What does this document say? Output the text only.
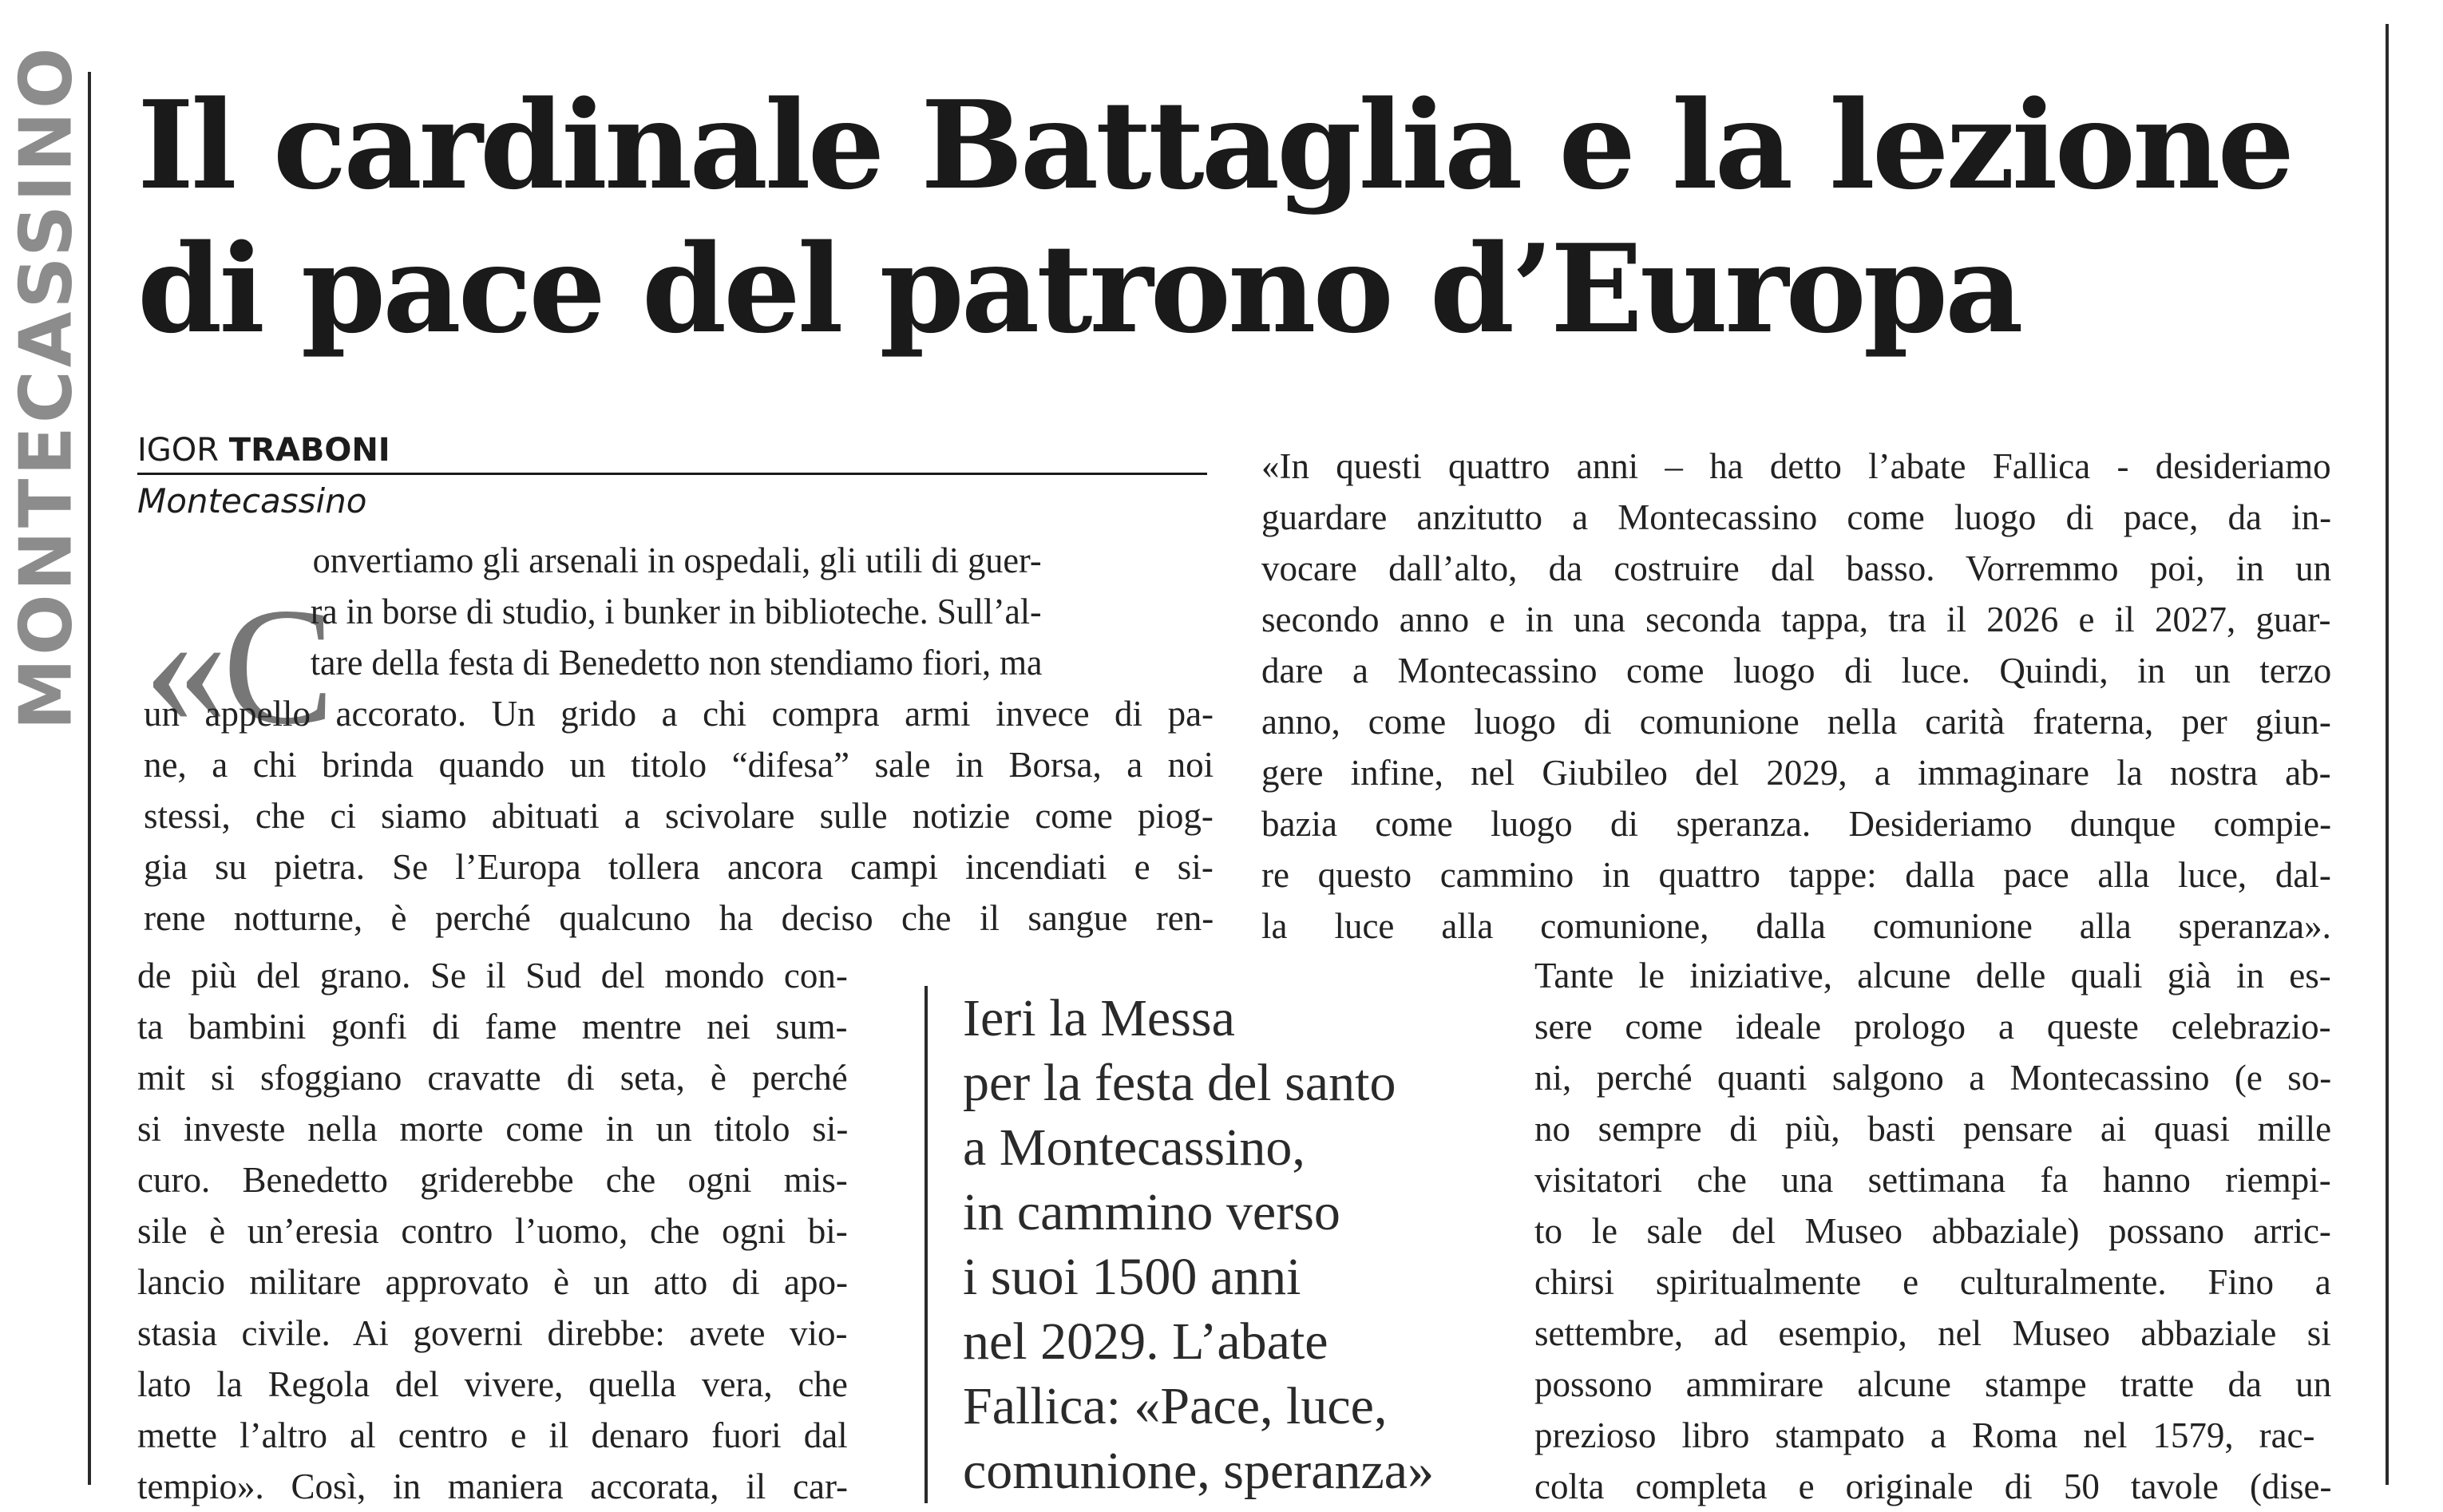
MONTECASSINO Il cardinale Battaglia e la lezione
di pace del patrono d’Europa
IGOR TRABONI
Montecassino
«C
onvertiamo gli arsenali in ospedali, gli utili di guer-
ra in borse di studio, i bunker in biblioteche. Sull’al-
tare della festa di Benedetto non stendiamo fiori, ma
un appello accorato. Un grido a chi compra armi invece di pa-
ne, a chi brinda quando un titolo “difesa” sale in Borsa, a noi
stessi, che ci siamo abituati a scivolare sulle notizie come piog-
gia su pietra. Se l’Europa tollera ancora campi incendiati e si-
rene notturne, è perché qualcuno ha deciso che il sangue ren-
de più del grano. Se il Sud del mondo con-
ta bambini gonfi di fame mentre nei sum-
mit si sfoggiano cravatte di seta, è perché
si investe nella morte come in un titolo si-
curo. Benedetto griderebbe che ogni mis-
sile è un’eresia contro l’uomo, che ogni bi-
lancio militare approvato è un atto di apo-
stasia civile. Ai governi direbbe: avete vio-
lato la Regola del vivere, quella vera, che
mette l’altro al centro e il denaro fuori dal
tempio». Così, in maniera accorata, il car-
Ieri la Messa
per la festa del santo
a Montecassino,
in cammino verso
i suoi 1500 anni
nel 2029. L’abate
Fallica: «Pace, luce,
comunione, speranza»
«In questi quattro anni – ha detto l’abate Fallica - desideriamo
guardare anzitutto a Montecassino come luogo di pace, da in-
vocare dall’alto, da costruire dal basso. Vorremmo poi, in un
secondo anno e in una seconda tappa, tra il 2026 e il 2027, guar-
dare a Montecassino come luogo di luce. Quindi, in un terzo
anno, come luogo di comunione nella carità fraterna, per giun-
gere infine, nel Giubileo del 2029, a immaginare la nostra ab-
bazia come luogo di speranza. Desideriamo dunque compie-
re questo cammino in quattro tappe: dalla pace alla luce, dal-
la luce alla comunione, dalla comunione alla speranza».
Tante le iniziative, alcune delle quali già in es-
sere come ideale prologo a queste celebrazio-
ni, perché quanti salgono a Montecassino (e so-
no sempre di più, basti pensare ai quasi mille
visitatori che una settimana fa hanno riempi-
to le sale del Museo abbaziale) possano arric-
chirsi spiritualmente e culturalmente. Fino a
settembre, ad esempio, nel Museo abbaziale si
possono ammirare alcune stampe tratte da un
prezioso libro stampato a Roma nel 1579, rac-
colta completa e originale di 50 tavole (dise-
